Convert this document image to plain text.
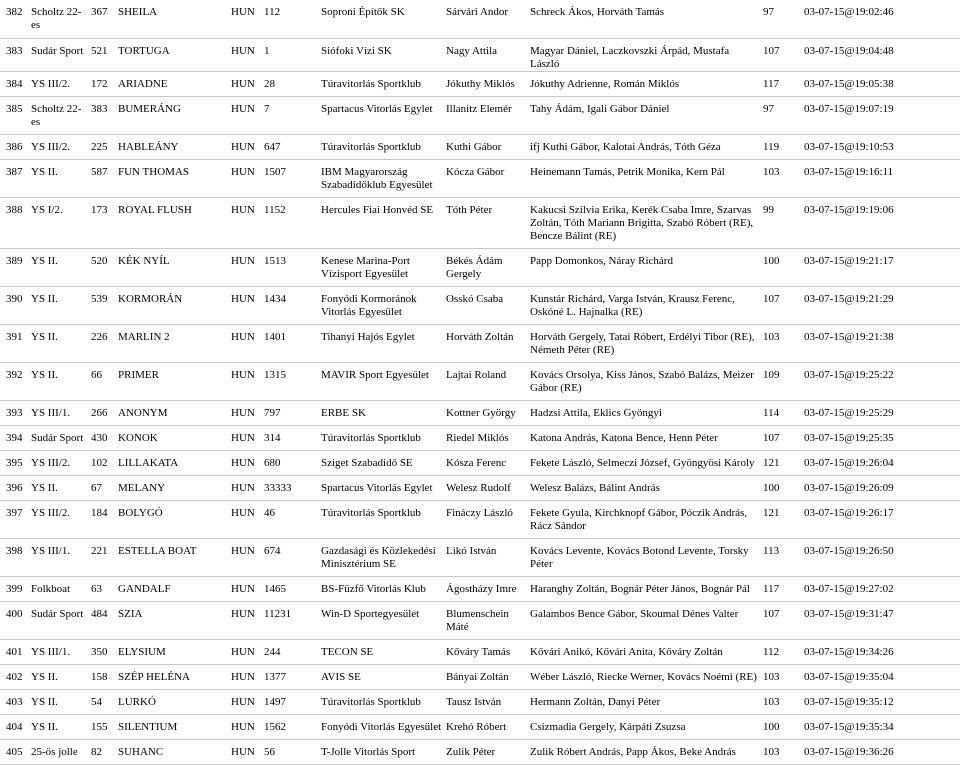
382	Scholtz 22-es	367	SHEILA	HUN	112	Soproni Építők SK	Sárvári Andor	Schreck Ákos, Horváth Tamás	97	03-07-15@19:02:46
383	Sudár Sport	521	TORTUGA	HUN	1	Siófoki Vízi SK	Nagy Attila	Magyar Dániel, Laczkovszki Árpád, Mustafa László	107	03-07-15@19:04:48
384	YS III/2.	172	ARIADNE	HUN	28	Túravitorlás Sportklub	Jókuthy Miklós	Jókuthy Adrienne, Román Miklós	117	03-07-15@19:05:38
385	Scholtz 22-es	383	BUMERÁNG	HUN	7	Spartacus Vitorlás Egylet	Illanitz Elemér	Tahy Ádám, Igali Gábor Dániel	97	03-07-15@19:07:19
386	YS III/2.	225	HABLEÁNY	HUN	647	Túravitorlás Sportklub	Kuthi Gábor	ifj Kuthi Gábor, Kalotai András, Tóth Géza	119	03-07-15@19:10:53
387	YS II.	587	FUN THOMAS	HUN	1507	IBM Magyarország Szabadidőklub Egyesület	Kócza Gábor	Heinemann Tamás, Petrik Monika, Kern Pál	103	03-07-15@19:16:11
388	YS I/2.	173	ROYAL FLUSH	HUN	1152	Hercules Fiai Honvéd SE	Tóth Péter	Kakucsi Szilvia Erika, Kerék Csaba Imre, Szarvas Zoltán, Tóth Mariann Brigitta, Szabó Róbert (RE), Bencze Bálint (RE)	99	03-07-15@19:19:06
389	YS II.	520	KÉK NYÍL	HUN	1513	Kenese Marina-Port Vízisport Egyesület	Békés Ádám Gergely	Papp Domonkos, Náray Richárd	100	03-07-15@19:21:17
390	YS II.	539	KORMORÁN	HUN	1434	Fonyódi Kormoránok Vitorlás Egyesület	Osskó Csaba	Kunstár Richárd, Varga István, Krausz Ferenc, Oskóné L. Hajnalka (RE)	107	03-07-15@19:21:29
391	YS II.	226	MARLIN 2	HUN	1401	Tihanyi Hajós Egylet	Horváth Zoltán	Horváth Gergely, Tatai Róbert, Erdélyi Tibor (RE), Németh Péter (RE)	103	03-07-15@19:21:38
392	YS II.	66	PRIMER	HUN	1315	MAVIR Sport Egyesület	Lajtai Roland	Kovács Orsolya, Kiss János, Szabó Balázs, Meizer Gábor (RE)	109	03-07-15@19:25:22
393	YS III/1.	266	ANONYM	HUN	797	ERBE SK	Kottner György	Hadzsi Attila, Eklics Gyöngyi	114	03-07-15@19:25:29
394	Sudár Sport	430	KONOK	HUN	314	Túravitorlás Sportklub	Riedel Miklós	Katona András, Katona Bence, Henn Péter	107	03-07-15@19:25:35
395	YS III/2.	102	LILLAKATA	HUN	680	Sziget Szabadidő SE	Kósza Ferenc	Fekete László, Selmeczi József, Gyöngyösi Károly	121	03-07-15@19:26:04
396	YS II.	67	MELANY	HUN	33333	Spartacus Vitorlás Egylet	Welesz Rudolf	Welesz Balázs, Bálint András	100	03-07-15@19:26:09
397	YS III/2.	184	BOLYGÓ	HUN	46	Túravitorlás Sportklub	Fináczy László	Fekete Gyula, Kirchknopf Gábor, Póczik András, Rácz Sándor	121	03-07-15@19:26:17
398	YS III/1.	221	ESTELLA BOAT	HUN	674	Gazdasági és Közlekedési Minisztérium SE	Likó István	Kovács Levente, Kovács Botond Levente, Torsky Péter	113	03-07-15@19:26:50
399	Folkboat	63	GANDALF	HUN	1465	BS-Füzfő Vitorlás Klub	Ágostházy Imre	Haranghy Zoltán, Bognár Péter János, Bognár Pál	117	03-07-15@19:27:02
400	Sudár Sport	484	SZIA	HUN	11231	Win-D Sportegyesület	Blumenschein Máté	Galambos Bence Gábor, Skoumal Dénes Valter	107	03-07-15@19:31:47
401	YS III/1.	350	ELYSIUM	HUN	244	TECON SE	Kőváry Tamás	Kővári Anikó, Kővári Anita, Kőváry Zoltán	112	03-07-15@19:34:26
402	YS II.	158	SZÉP HELÉNA	HUN	1377	AVIS SE	Bányai Zoltán	Wéber László, Riecke Werner, Kovács Noémi (RE)	103	03-07-15@19:35:04
403	YS II.	54	LURKÓ	HUN	1497	Túravitorlás Sportklub	Tausz István	Hermann Zoltán, Danyi Péter	103	03-07-15@19:35:12
404	YS II.	155	SILENTIUM	HUN	1562	Fonyódi Vitorlás Egyesület	Krehó Róbert	Csizmadia Gergely, Kárpáti Zsuzsa	100	03-07-15@19:35:34
405	25-ös jolle	82	SUHANC	HUN	56	T-Jolle Vitorlás Sport	Zulik Péter	Zulik Róbert András, Papp Ákos, Beke András	103	03-07-15@19:36:26
